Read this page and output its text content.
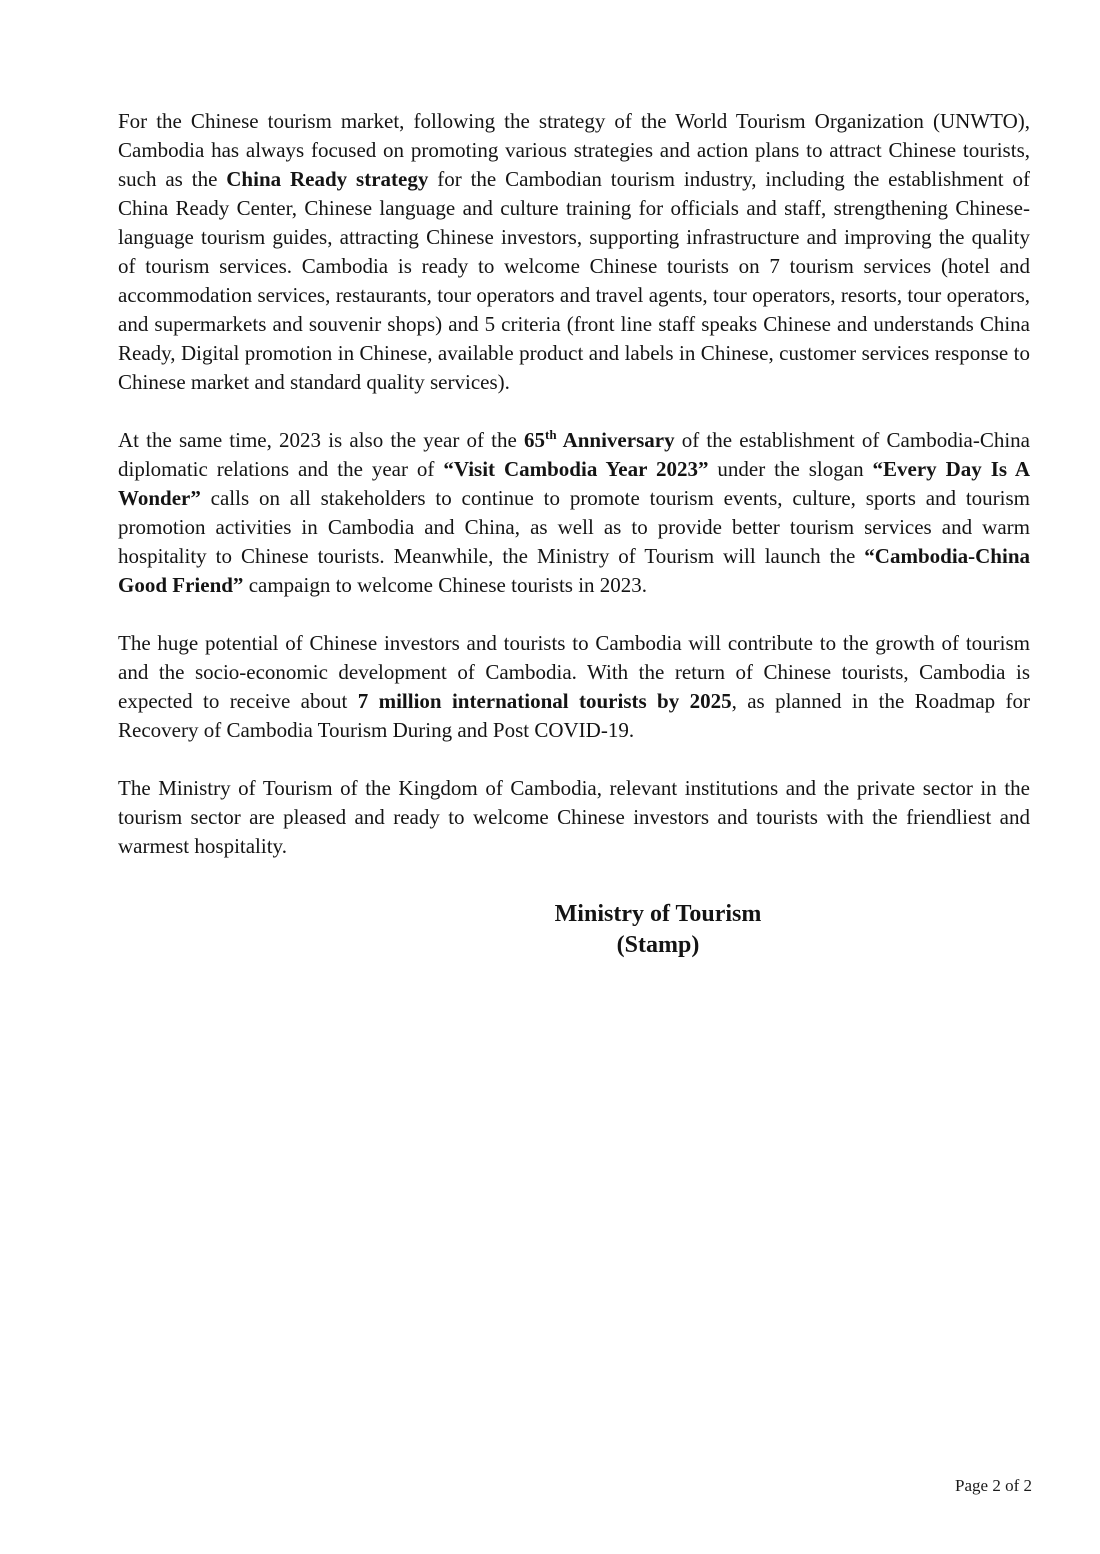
For the Chinese tourism market, following the strategy of the World Tourism Organization (UNWTO), Cambodia has always focused on promoting various strategies and action plans to attract Chinese tourists, such as the China Ready strategy for the Cambodian tourism industry, including the establishment of China Ready Center, Chinese language and culture training for officials and staff, strengthening Chinese-language tourism guides, attracting Chinese investors, supporting infrastructure and improving the quality of tourism services. Cambodia is ready to welcome Chinese tourists on 7 tourism services (hotel and accommodation services, restaurants, tour operators and travel agents, tour operators, resorts, tour operators, and supermarkets and souvenir shops) and 5 criteria (front line staff speaks Chinese and understands China Ready, Digital promotion in Chinese, available product and labels in Chinese, customer services response to Chinese market and standard quality services).

At the same time, 2023 is also the year of the 65th Anniversary of the establishment of Cambodia-China diplomatic relations and the year of “Visit Cambodia Year 2023” under the slogan “Every Day Is A Wonder” calls on all stakeholders to continue to promote tourism events, culture, sports and tourism promotion activities in Cambodia and China, as well as to provide better tourism services and warm hospitality to Chinese tourists. Meanwhile, the Ministry of Tourism will launch the “Cambodia-China Good Friend” campaign to welcome Chinese tourists in 2023.

The huge potential of Chinese investors and tourists to Cambodia will contribute to the growth of tourism and the socio-economic development of Cambodia. With the return of Chinese tourists, Cambodia is expected to receive about 7 million international tourists by 2025, as planned in the Roadmap for Recovery of Cambodia Tourism During and Post COVID-19.

The Ministry of Tourism of the Kingdom of Cambodia, relevant institutions and the private sector in the tourism sector are pleased and ready to welcome Chinese investors and tourists with the friendliest and warmest hospitality.

Ministry of Tourism
(Stamp)
Page 2 of 2
